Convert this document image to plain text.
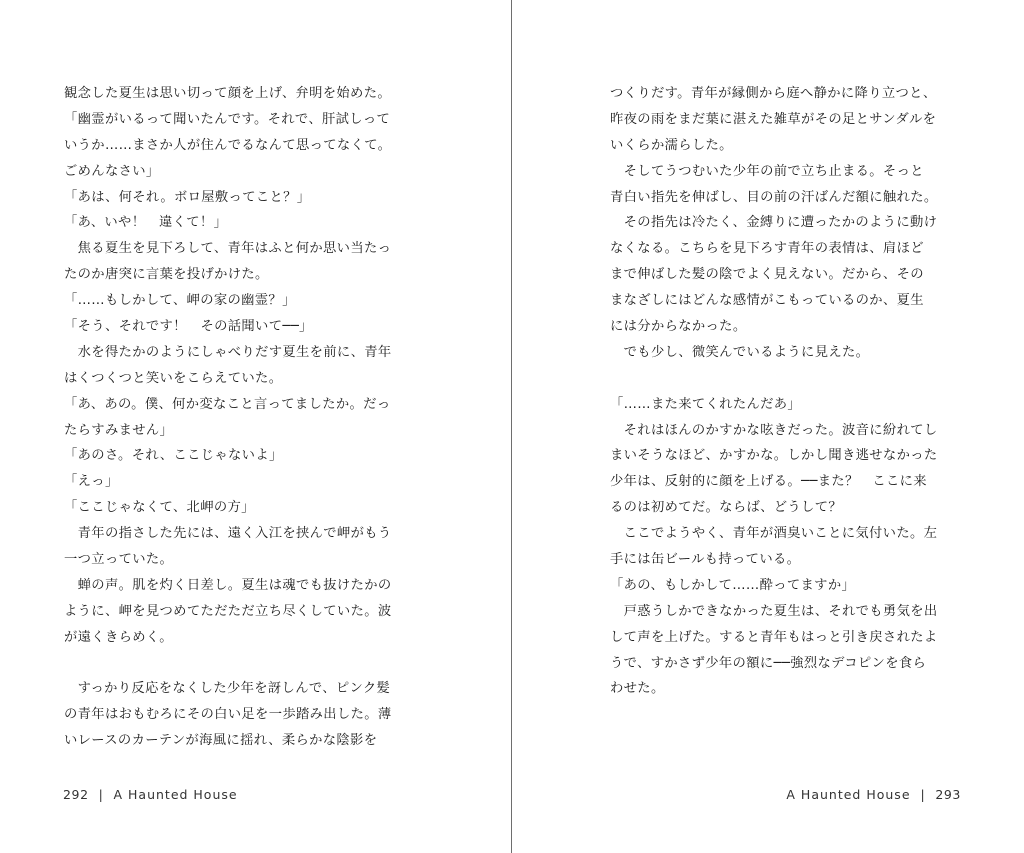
観念した夏生は思い切って顔を上げ、弁明を始めた。
「幽霊がいるって聞いたんです。それで、肝試しって
いうか……まさか人が住んでるなんて思ってなくて。
ごめんなさい」
「あは、何それ。ボロ屋敷ってこと？」
「あ、いや！　違くて！」
　焦る夏生を見下ろして、青年はふと何か思い当たっ
たのか唐突に言葉を投げかけた。
「……もしかして、岬の家の幽霊？」
「そう、それです！　その話聞いて──」
　水を得たかのようにしゃべりだす夏生を前に、青年
はくつくつと笑いをこらえていた。
「あ、あの。僕、何か変なこと言ってましたか。だっ
たらすみません」
「あのさ。それ、ここじゃないよ」
「えっ」
「ここじゃなくて、北岬の方」
　青年の指さした先には、遠く入江を挟んで岬がもう
一つ立っていた。
　蝉の声。肌を灼く日差し。夏生は魂でも抜けたかの
ように、岬を見つめてただただ立ち尽くしていた。波
が遠くきらめく。
　すっかり反応をなくした少年を訝しんで、ピンク髪
の青年はおもむろにその白い足を一歩踏み出した。薄
いレースのカーテンが海風に揺れ、柔らかな陰影を
292 | A Haunted House
つくりだす。青年が縁側から庭へ静かに降り立つと、
昨夜の雨をまだ葉に湛えた雑草がその足とサンダルを
いくらか濡らした。
　そしてうつむいた少年の前で立ち止まる。そっと
青白い指先を伸ばし、目の前の汗ばんだ額に触れた。
　その指先は冷たく、金縛りに遭ったかのように動け
なくなる。こちらを見下ろす青年の表情は、肩ほど
まで伸ばした髪の陰でよく見えない。だから、その
まなざしにはどんな感情がこもっているのか、夏生
には分からなかった。
　でも少し、微笑んでいるように見えた。
「……また来てくれたんだあ」
　それはほんのかすかな呟きだった。波音に紛れてし
まいそうなほど、かすかな。しかし聞き逃せなかった
少年は、反射的に顔を上げる。──また？　ここに来
るのは初めてだ。ならば、どうして？
　ここでようやく、青年が酒臭いことに気付いた。左
手には缶ビールも持っている。
「あの、もしかして……酔ってますか」
　戸惑うしかできなかった夏生は、それでも勇気を出
して声を上げた。すると青年もはっと引き戻されたよ
うで、すかさず少年の額に──強烈なデコピンを食ら
わせた。
A Haunted House | 293
